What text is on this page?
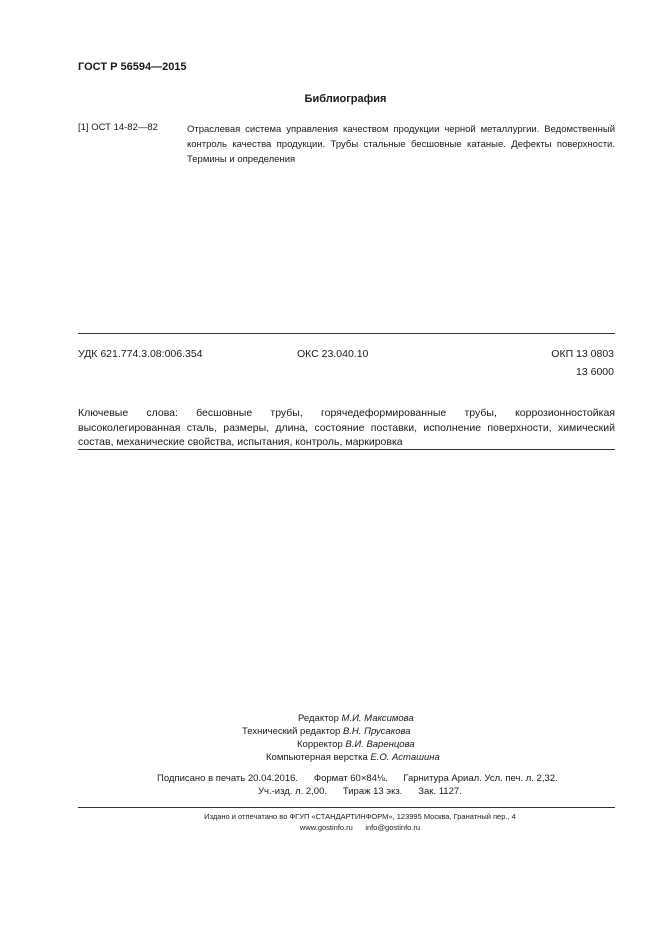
ГОСТ Р 56594—2015
Библиография
[1] ОСТ 14-82—82	Отраслевая система управления качеством продукции черной металлургии. Ведомственный контроль качества продукции. Трубы стальные бесшовные катаные. Дефекты поверхности. Термины и определения
УДК 621.774.3.08:006.354	ОКС 23.040.10	ОКП 13 0803
13 6000
Ключевые слова: бесшовные трубы, горячедеформированные трубы, коррозионностойкая высоколегированная сталь, размеры, длина, состояние поставки, исполнение поверхности, химический состав, механические свойства, испытания, контроль, маркировка
Редактор М.И. Максимова
Технический редактор В.Н. Прусакова
Корректор В.И. Варенцова
Компьютерная верстка Е.О. Асташина
Подписано в печать 20.04.2016.      Формат 60×84⅛.      Гарнитура Ариал. Усл. печ. л. 2,32.
Уч.-изд. л. 2,00.      Тираж 13 экз.      Зак. 1127.
Издано и отпечатано во ФГУП «СТАНДАРТИНФОРМ», 123995 Москва, Гранатный пер., 4
www.gostinfo.ru      info@gostinfo.ru
